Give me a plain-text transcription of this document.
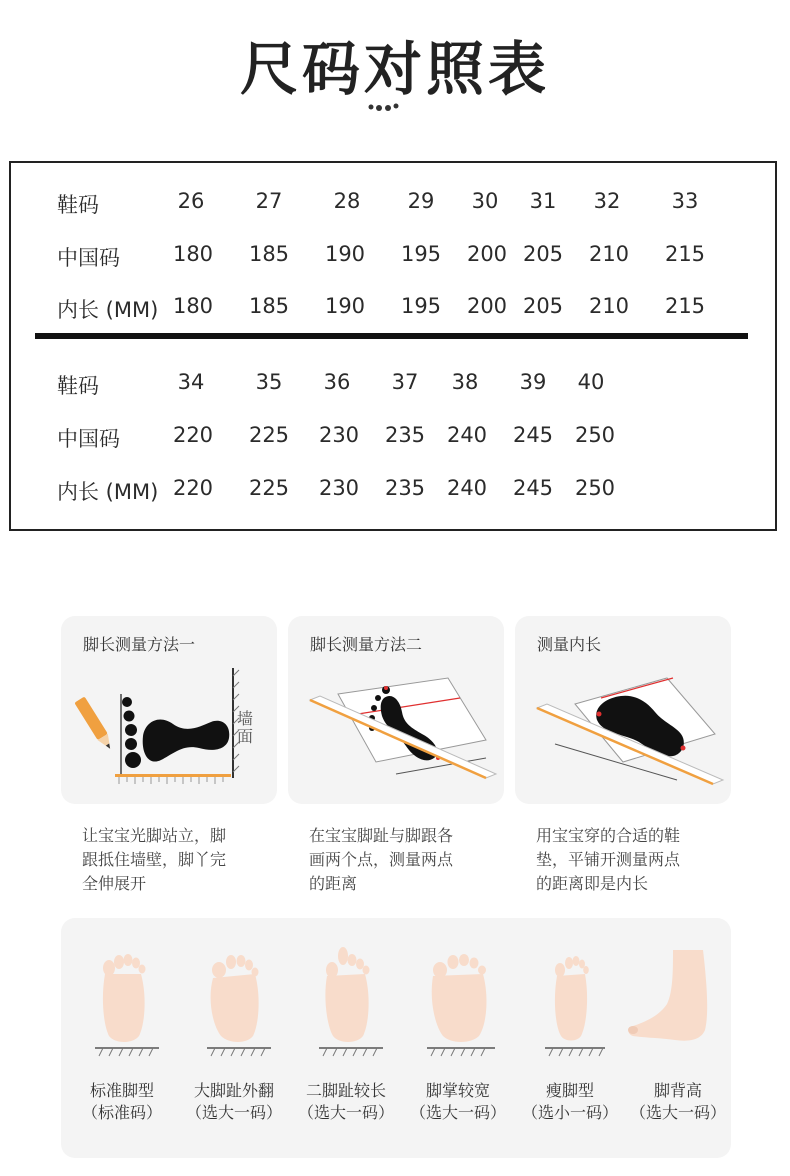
尺码对照表
鞋码	26 27 28 29 30 31 32 33
中国码	180 185 190 195 200 205 210 215
内长 (MM) 180 185 190 195 200 205 210 215
鞋码	34 35 36 37 38 39 40
中国码	220 225 230 235 240 245 250
内长 (MM) 220 225 230 235 240 245 250
脚长测量方法一
墙面
脚长测量方法二	测量内长
让宝宝光脚站立，脚
跟抵住墙壁，脚丫完
全伸展开
在宝宝脚趾与脚跟各
画两个点，测量两点
的距离
用宝宝穿的合适的鞋
垫，平铺开测量两点
的距离即是内长
标准脚型
（标准码）
大脚趾外翻
（选大一码）
二脚趾较长
（选大一码）
脚掌较宽
（选大一码）
瘦脚型
（选小一码）
脚背高
（选大一码）
